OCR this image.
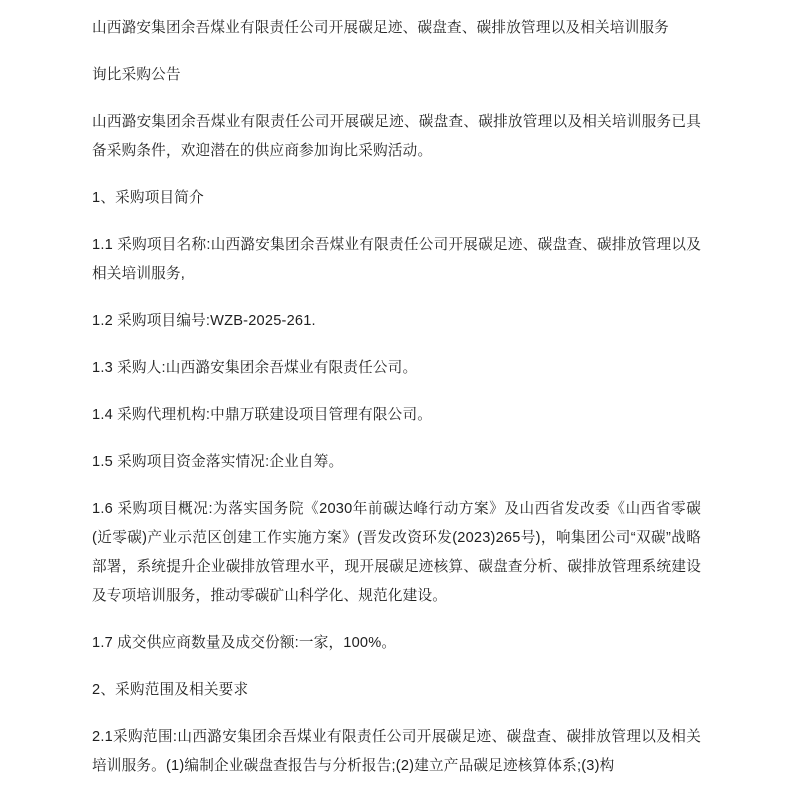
山西潞安集团余吾煤业有限责任公司开展碳足迹、碳盘查、碳排放管理以及相关培训服务

询比采购公告

山西潞安集团余吾煤业有限责任公司开展碳足迹、碳盘查、碳排放管理以及相关培训服务已具备采购条件，欢迎潜在的供应商参加询比采购活动。

1、采购项目简介

1.1 采购项目名称:山西潞安集团余吾煤业有限责任公司开展碳足迹、碳盘查、碳排放管理以及相关培训服务,

1.2 采购项目编号:WZB-2025-261.

1.3 采购人:山西潞安集团余吾煤业有限责任公司。

1.4 采购代理机构:中鼎万联建设项目管理有限公司。

1.5 采购项目资金落实情况:企业自筹。

1.6 采购项目概况:为落实国务院《2030年前碳达峰行动方案》及山西省发改委《山西省零碳(近零碳)产业示范区创建工作实施方案》(晋发改资环发(2023)265号)，响集团公司“双碳”战略部署，系统提升企业碳排放管理水平，现开展碳足迹核算、碳盘查分析、碳排放管理系统建设及专项培训服务，推动零碳矿山科学化、规范化建设。

1.7 成交供应商数量及成交份额:一家，100%。

2、采购范围及相关要求

2.1采购范围:山西潞安集团余吾煤业有限责任公司开展碳足迹、碳盘查、碳排放管理以及相关培训服务。(1)编制企业碳盘查报告与分析报告;(2)建立产品碳足迹核算体系;(3)构
